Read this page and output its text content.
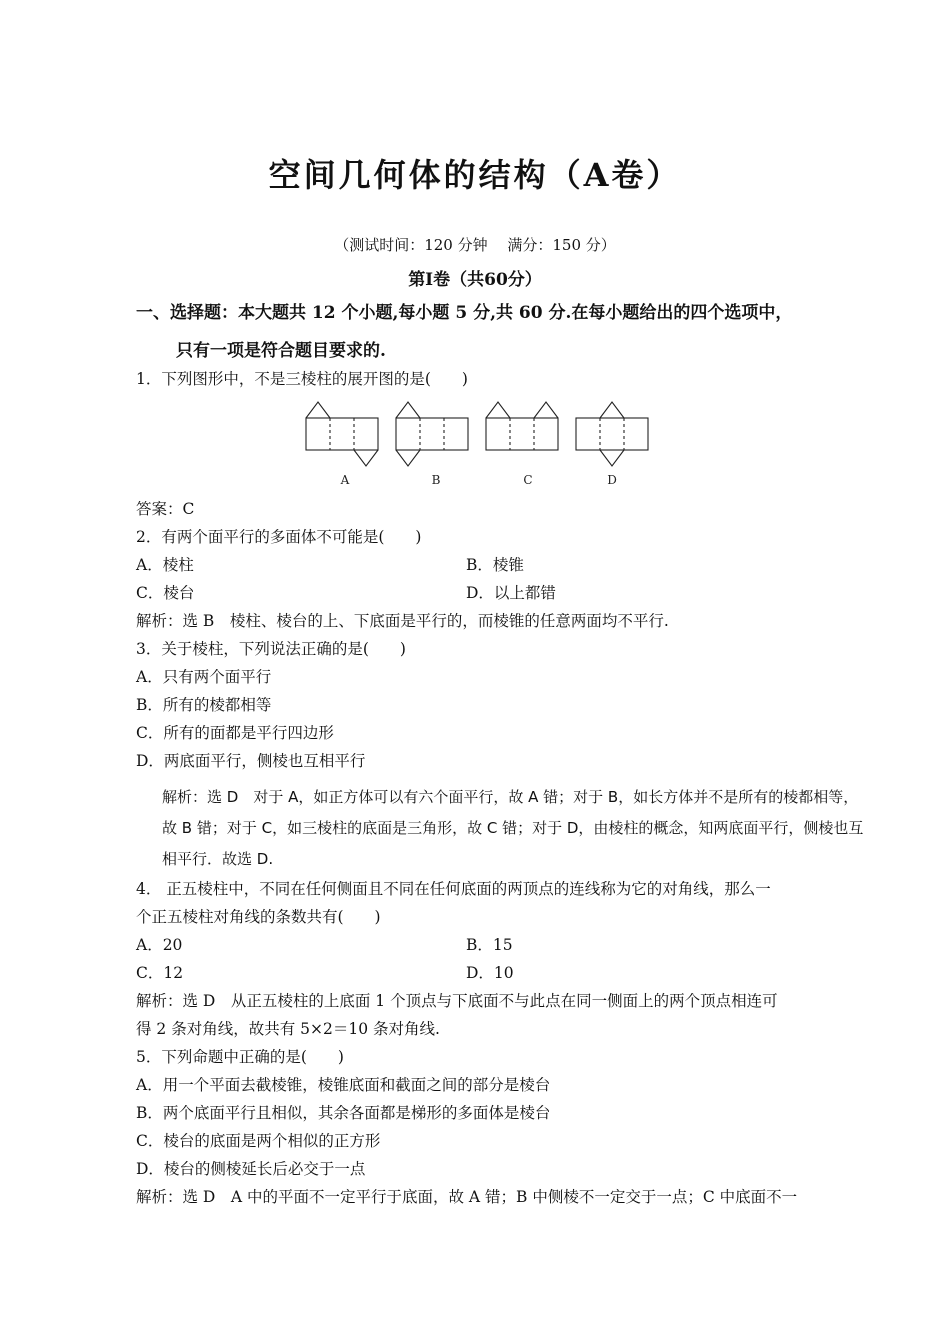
空间几何体的结构（A卷）
（测试时间：120 分钟　 满分：150 分）
第Ⅰ卷（共60分）
一、选择题：本大题共 12 个小题,每小题 5 分,共 60 分.在每小题给出的四个选项中，
只有一项是符合题目要求的.
1．下列图形中，不是三棱柱的展开图的是(　　)
A	B	C	D
答案：C
2．有两个面平行的多面体不可能是(　　)
A．棱柱	B．棱锥
C．棱台	D．以上都错
解析：选 B　棱柱、棱台的上、下底面是平行的，而棱锥的任意两面均不平行.
3．关于棱柱，下列说法正确的是(　　)
A．只有两个面平行
B．所有的棱都相等
C．所有的面都是平行四边形
D．两底面平行，侧棱也互相平行
解析：选 D　对于 A，如正方体可以有六个面平行，故 A 错；对于 B，如长方体并不是所有的棱都相等，
故 B 错；对于 C，如三棱柱的底面是三角形，故 C 错；对于 D，由棱柱的概念，知两底面平行，侧棱也互
相平行．故选 D.
4． 正五棱柱中，不同在任何侧面且不同在任何底面的两顶点的连线称为它的对角线，那么一
个正五棱柱对角线的条数共有(　　)
A．20	B．15
C．12	D．10
解析：选 D　从正五棱柱的上底面 1 个顶点与下底面不与此点在同一侧面上的两个顶点相连可
得 2 条对角线，故共有 5×2＝10 条对角线.
5．下列命题中正确的是(　　)
A．用一个平面去截棱锥，棱锥底面和截面之间的部分是棱台
B．两个底面平行且相似，其余各面都是梯形的多面体是棱台
C．棱台的底面是两个相似的正方形
D．棱台的侧棱延长后必交于一点
解析：选 D　A 中的平面不一定平行于底面，故 A 错；B 中侧棱不一定交于一点；C 中底面不一
